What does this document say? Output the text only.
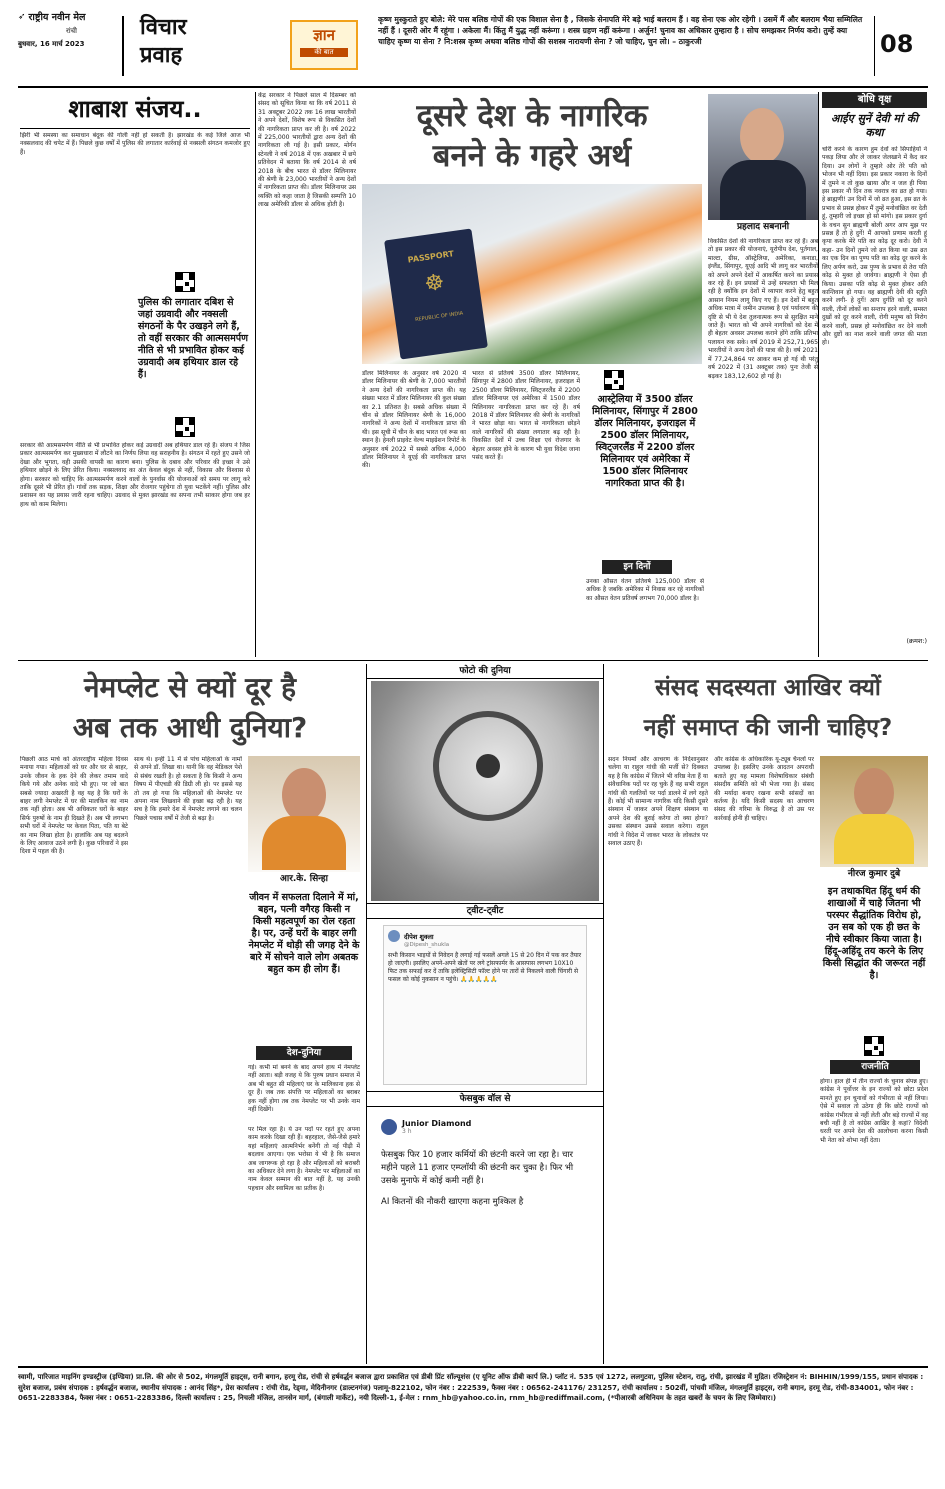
➶ राष्ट्रीय नवीन मेल
रांची
बुधवार, 16 मार्च 2023
विचार
प्रवाह
ज्ञान
की बात
कृष्ण मुस्कुराते हुए बोले: मेरे पास बलिष्ठ गोपों की एक विशाल सेना है , जिसके सेनापति मेरे बड़े भाई बलराम हैं । वह सेना एक ओर रहेगी । उसमें मैं और बलराम भैया सम्मिलित नहीं हैं । दूसरी ओर मैं रहूंगा । अकेला मैं। किंतु मैं युद्ध नहीं करूंगा । शस्त्र ग्रहण नहीं करूंगा । अर्जुन! चुनाव का अधिकार तुम्हारा है । सोच समझकर निर्णय करो। तुम्हें क्या चाहिए कृष्ण या सेना ? नि:शस्त्र कृष्ण अथवा बलिष्ठ गोपों की सशस्त्र नारायणी सेना ? जो चाहिए, चुन लो। – ठाकुरजी	08
शाबाश संजय..
झिरी भी समस्या का समाधान बंदूक की गोली नहीं हो सकती है। झारखंड के कई जिले आज भी नक्सलवाद की चपेट में हैं। पिछले कुछ वर्षों में पुलिस की लगातार कार्रवाई से नक्सली संगठन कमजोर हुए हैं।
पुलिस की लगातार दबिश से जहां उग्रवादी और नक्सली संगठनों के पैर उखड़ने लगे हैं, तो वहीं सरकार की आत्मसमर्पण नीति से भी प्रभावित होकर कई उग्रवादी अब हथियार डाल रहे हैं।
सरकार की आत्मसमर्पण नीति से भी प्रभावित होकर कई उग्रवादी अब हथियार डाल रहे हैं। संजय ने जिस प्रकार आत्मसमर्पण कर मुख्यधारा में लौटने का निर्णय लिया वह सराहनीय है। संगठन में रहते हुए उसने जो देखा और भुगता, वही उसकी वापसी का कारण बना। पुलिस के दबाव और परिवार की इच्छा ने उसे हथियार छोड़ने के लिए प्रेरित किया। नक्सलवाद का अंत केवल बंदूक से नहीं, विकास और विश्वास से होगा। सरकार को चाहिए कि आत्मसमर्पण करने वालों के पुनर्वास की योजनाओं को समय पर लागू करे ताकि दूसरे भी प्रेरित हों। गांवों तक सड़क, शिक्षा और रोजगार पहुंचेगा तो युवा भटकेंगे नहीं। पुलिस और प्रशासन का यह प्रयास जारी रहना चाहिए। उग्रवाद से मुक्त झारखंड का सपना तभी साकार होगा जब हर हाथ को काम मिलेगा।
केंद्र सरकार ने पिछले साल में दिसम्बर को संसद को सूचित किया था कि वर्ष 2011 से 31 अक्टूबर 2022 तक 16 लाख भारतीयों ने अपने देशों, विशेष रूप से विकसित देशों की नागरिकता प्राप्त कर ली है। वर्ष 2022 में 225,000 भारतीयों द्वारा अन्य देशों की नागरिकता ली गई है। इसी प्रकार, मोर्गन स्टेनली ने वर्ष 2018 में एक अखबार में छपे प्रतिवेदन में बताया कि वर्ष 2014 से वर्ष 2018 के बीच भारत से डॉलर मिलिनायर की श्रेणी के 23,000 भारतीयों ने अन्य देशों में नागरिकता प्राप्त की। डॉलर मिलिनायर उस व्यक्ति को कहा जाता है जिसकी सम्पत्ति 10 लाख अमेरिकी डॉलर से अधिक होती है।
दूसरे देश के नागरिक
बनने के गहरे अर्थ
PASSPORT
☸
REPUBLIC OF INDIA
प्रहलाद सबनानी
डॉलर मिलिनायर के अनुसार वर्ष 2020 में डॉलर मिलिनायर की श्रेणी के 7,000 भारतीयों ने अन्य देशों की नागरिकता प्राप्त की। यह संख्या भारत में डॉलर मिलिनायर की कुल संख्या का 2.1 प्रतिशत है। सबसे अधिक संख्या में चीन से डॉलर मिलिनायर श्रेणी के 16,000 नागरिकों ने अन्य देशों में नागरिकता प्राप्त की थी। इस सूची में चीन के बाद भारत एवं रूस का स्थान है। हेनली प्राइवेट वेल्थ माइग्रेशन रिपोर्ट के अनुसार वर्ष 2022 में सबसे अधिक 4,000 डॉलर मिलिनायर ने यूएई की नागरिकता प्राप्त की।
भारत से प्रतिवर्ष 3500 डॉलर मिलिनायर, सिंगापुर में 2800 डॉलर मिलिनायर, इजराइल में 2500 डॉलर मिलिनायर, स्विट्जरलैंड में 2200 डॉलर मिलिनायर एवं अमेरिका में 1500 डॉलर मिलिनायर नागरिकता प्राप्त कर रहे हैं। वर्ष 2018 में डॉलर मिलिनायर की श्रेणी के नागरिकों ने भारत छोड़ा था। भारत से नागरिकता छोड़ने वाले नागरिकों की संख्या लगातार बढ़ रही है। विकसित देशों में उच्च शिक्षा एवं रोजगार के बेहतर अवसर होने के कारण भी युवा विदेश जाना पसंद करते हैं।
आस्ट्रेलिया में 3500 डॉलर मिलिनायर, सिंगापुर में 2800 डॉलर मिलिनायर, इजराइल में 2500 डॉलर मिलिनायर, स्विट्जरलैंड में 2200 डॉलर मिलिनायर एवं अमेरिका में 1500 डॉलर मिलिनायर नागरिकता प्राप्त की है।
इन दिनों
उनका औसत वेतन प्रतिवर्ष 125,000 डॉलर से अधिक है जबकि अमेरिका में निवास कर रहे नागरिकों का औसत वेतन प्रतिवर्ष लगभग 70,000 डॉलर है।
विकसित देशों की नागरिकता प्राप्त कर रहे हैं। अब तो इस प्रकार की योजनाएं, यूरोपीय देश, पुर्तगाल, माल्टा, ग्रीस, ऑस्ट्रेलिया, अमेरिका, कनाडा, इंग्लैंड, सिंगापुर, यूएई आदि भी लागू कर भारतीयों को अपने अपने देशों में आकर्षित करने का प्रयास कर रहे हैं। इन प्रयासों में उन्हें सफलता भी मिल रही है क्योंकि इन देशों में व्यापार करने हेतु बहुत आसान नियम लागू किए गए हैं। इन देशों में बहुत अधिक मात्रा में जमीन उपलब्ध है एवं पर्यावरण की दृष्टि से भी ये देश तुलनात्मक रूप से सुरक्षित माने जाते हैं। भारत को भी अपने नागरिकों को देश में ही बेहतर अवसर उपलब्ध कराने होंगे ताकि प्रतिभा पलायन रुक सके। वर्ष 2019 में 252,71,965 भारतीयों ने अन्य देशों की यात्रा की है। वर्ष 2021 में 77,24,864 पर आकर कम हो गई थी परंतु वर्ष 2022 में (31 अक्टूबर तक) पुनः तेजी से बढ़कर 183,12,602 हो गई है।
बोधि वृक्ष
आईए सुनें देवी मां की कथा
चोरी करने के कारण हुम देवों को सिपाहियों ने पकड़ लिया और ले जाकर जेलखाने में कैद कर दिया। उन लोगों ने तुम्हारे ओर तेरे पति को भोजन भी नहीं दिया। इस प्रकार नकारा के दिनों में तुमने न तो कुछ खाया और न जल ही पिया इस प्रकार नौ दिन तक नवरात्र का व्रत हो गया। हे ब्राह्मणी! उन दिनों में जो व्रत हुआ, इस व्रत के प्रभाव से प्रसन्न होकर मैं तुम्हें मनोवांछित वर देती हूं, तुम्हारी जो इच्छा हो सो मांगो। इस प्रकार दुर्गा के वचन सुन ब्राह्मणी बोली अगर आप मुझ पर प्रसन्न हैं तो हे दुर्गे! मैं आपको प्रणाम करती हूं कृपा करके मेरे पति का कोढ़ दूर करो। देवी ने कहा- उन दिनों तुमने जो व्रत किया था उस व्रत का एक दिन का पुण्य पति का कोढ़ दूर करने के लिए अर्पण करो, उस पुण्य के प्रभाव से तेरा पति कोढ़ से मुक्त हो जावेगा। ब्राह्मणी ने ऐसा ही किया। उसका पति कोढ़ से मुक्त होकर अति कान्तिवान हो गया। वह ब्राह्मणी देवी की स्तुति करने लगी- हे दुर्गे! आप दुर्गति को दूर करने वाली, तीनों लोकों का सन्ताप हरने वाली, समस्त दुखों को दूर करने वाली, रोगी मनुष्य को निरोग करने वाली, प्रसन्न हो मनोवांछित वर देने वाली और दुष्टों का नाश करने वाली जगत की माता हो।
(क्रमश:)
नेमप्लेट से क्यों दूर है
अब तक आधी दुनिया?
पिछली आठ मार्च को अंतरराष्ट्रीय महिला दिवस मनाया गया। महिलाओं को घर और घर से बाहर, उनके जीवन के हक देने की लेकर तमाम वादे किये गये और अनेक वादे भी हुए। पर जो बात सबसे ज्यादा अखरती है वह यह है कि घरों के बाहर लगी नेमप्लेट में घर की मालकिन का नाम तक नहीं होता। अब भी अधिकतर घरों के बाहर सिर्फ पुरुषों के नाम ही दिखते हैं। अब भी लगभग सभी घरों में नेमप्लेट पर केवल पिता, पति या बेटे का नाम लिखा होता है। हालांकि अब यह बदलने के लिए आवाज उठने लगी है। कुछ परिवारों ने इस दिशा में पहल की है।
साथ थे। इन्हीं 11 में से पांच महिलाओं के नामों से अपने डॉ. लिखा था। यानी कि वह मेडिकल पेशे से संबंध रखती है। हो सकता है कि किसी ने अन्य विषय में पीएचडी की डिग्री ली हो। पर इससे यह तो तय हो गया कि महिलाओं की नेमप्लेट पर अपना नाम लिखवाने की इच्छा बढ़ रही है। यह सच है कि हमारे देश में नेमप्लेट लगाने का चलन पिछले पचास वर्षों में तेजी से बढ़ा है।
आर.के. सिन्हा
जीवन में सफलता दिलाने में मां, बहन, पत्नी वगैरह किसी न किसी महत्वपूर्ण का रोल रहता है। पर, उन्हें घरों के बाहर लगी नेमप्लेट में थोड़ी सी जगह देने के बारे में सोचने वाले लोग अबतक बहुत कम ही लोग हैं।
देश-दुनिया
गई। कभी मां बनने के बाद अपने हाथ में नेमप्लेट नहीं आता। बड़ी वजह ये कि पुरुष प्रधान समाज में अब भी बहुत सी महिलाएं घर के मालिकाना हक से दूर हैं। जब तक संपत्ति पर महिलाओं का बराबर हक नहीं होगा तब तक नेमप्लेट पर भी उनके नाम नहीं दिखेंगे।
पर मिल रहा है। ये उन पदों पर रहते हुए अपना काम करके दिखा रही हैं। बहरहाल, जैसे-जैसे हमारे यहां महिलाएं आत्मनिर्भर बनेंगी तो नई पीढ़ी में बदलाव आएगा। एक भरोसा ये भी है कि समाज अब जागरूक हो रहा है और महिलाओं को बराबरी का अधिकार देने लगा है। नेमप्लेट पर महिलाओं का नाम केवल सम्मान की बात नहीं है, यह उनकी पहचान और स्वामित्व का प्रतीक है।
फोटो की दुनिया
ट्वीट-ट्वीट
दीपेश शुक्ला
@Dipesh_shukla
सभी किसान भाइयों से निवेदन है लगाई गई फसलें अगले 15 से 20 दिन में पक कर तैयार हो जाएगी। इसलिए अपने-अपने खेतों पर लगे ट्रांसफार्मर के आसपास लगभग 10X10 फिट तक सफाई कर दें ताकि इलेक्ट्रिसिटी फॉल्ट होने पर तारों से निकलने वाली चिंगारी से फसल को कोई नुकसान न पहुंचे। 🙏🙏🙏🙏🙏
फेसबुक वॉल से
Junior Diamond
3 h
फेसबुक फिर 10 हजार कर्मियों की छंटनी करने जा रहा है। चार महीने पहले 11 हजार एम्प्लॉयी की छंटनी कर चुका है। फिर भी उसके मुनाफे में कोई कमी नहीं है।
AI कितनों की नौकरी खाएगा कहना मुश्किल है
संसद सदस्यता आखिर क्यों
नहीं समाप्त की जानी चाहिए?
सदन नियमों और आचरण के निर्देशानुसार चलेगा या राहुल गांधी की मर्जी से? दिक्कत यह है कि कांग्रेस में जितने भी वरिष्ठ नेता हैं या संवैधानिक पदों पर रह चुके हैं वह सभी राहुल गांधी की गलतियों पर पर्दा डालने में लगे रहते हैं। कोई भी सामान्य नागरिक यदि किसी दूसरे संस्थान में जाकर अपने शिक्षण संस्थान या अपने देश की बुराई करेगा तो क्या होगा? उसका संस्थान उससे सवाल करेगा। राहुल गांधी ने विदेश में जाकर भारत के लोकतंत्र पर सवाल उठाए हैं।
और कांग्रेस के अधिकारिक यू-ट्यूब चैनलों पर उपलब्ध है। इसलिए उनके आदतन अपराधी बताते हुए यह मामला विशेषाधिकार संबंधी संसदीय समिति को भी भेजा गया है। संसद की मर्यादा बनाए रखना सभी सांसदों का कर्तव्य है। यदि किसी सदस्य का आचरण संसद की गरिमा के विरुद्ध है तो उस पर कार्रवाई होनी ही चाहिए।
नीरज कुमार दुबे
इन तथाकथित हिंदू धर्म की शाखाओं में चाहे जितना भी परस्पर सैद्धांतिक विरोध हो, उन सब को एक ही छत के नीचे स्वीकार किया जाता है। हिंदू-अहिंदू तय करने के लिए किसी सिद्धांत की जरूरत नहीं है।
राजनीति
होगा। हाल ही में तीन राज्यों के चुनाव संपन्न हुए। कांग्रेस ने पूर्वोत्तर के इन राज्यों को छोटा प्रदेश मानते हुए इन चुनावों को गंभीरता से नहीं लिया। ऐसे में सवाल तो उठेगा ही कि छोटे राज्यों को कांग्रेस गंभीरता से नहीं लेती और बड़े राज्यों में वह बची नहीं है तो कांग्रेस आखिर है कहां? विदेशी धरती पर अपने देश की आलोचना करना किसी भी नेता को शोभा नहीं देता।
स्वामी, पारिजात माइनिंग इण्डस्ट्रीज (इण्डिया) प्रा.लि. की ओर से 502, मंगलमूर्ति हाइट्स, रानी बगान, हरमू रोड, रांची से हर्षवर्द्धन बजाज द्वारा प्रकाशित एवं डीबी प्रिंट सॉल्यूशंस (ए यूनिट ऑफ डीबी कार्प लि.) प्लॉट नं. 535 एवं 1272, ललगुटवा, पुलिस स्टेशन, रातु, रांची, झारखंड में मुद्रित। रजिस्ट्रेशन नं: BIHHIN/1999/155, प्रधान संपादक : सुरेश बजाज, प्रबंध संपादक : हर्षवर्द्धन बजाज, स्थानीय संपादक : आनंद सिंह*, प्रेस कार्यालय : रांची रोड, रेड्मा, मेदिनीनगर (डाल्टनगंज) पलामू-822102, फोन नंबर : 222539, फैक्स नंबर : 06562-241176/ 231257, रांची कार्यालय : 502वीं, पांचवी मंजिल, मंगलमूर्ति हाइट्स, रानी बगान, हरमू रोड, रांची-834001, फोन नंबर : 0651-2283384, फैक्स नंबर : 0651-2283386, दिल्ली कार्यालय : 25, निचली मंजिल, तानसेन मार्ग, (बंगाली मार्केट), नयी दिल्ली-1, ई-मेल : rnm_hb@yahoo.co.in, rnm_hb@rediffmail.com, (*पीआरबी अधिनियम के तहत खबरों के चयन के लिए जिम्मेवार।)
